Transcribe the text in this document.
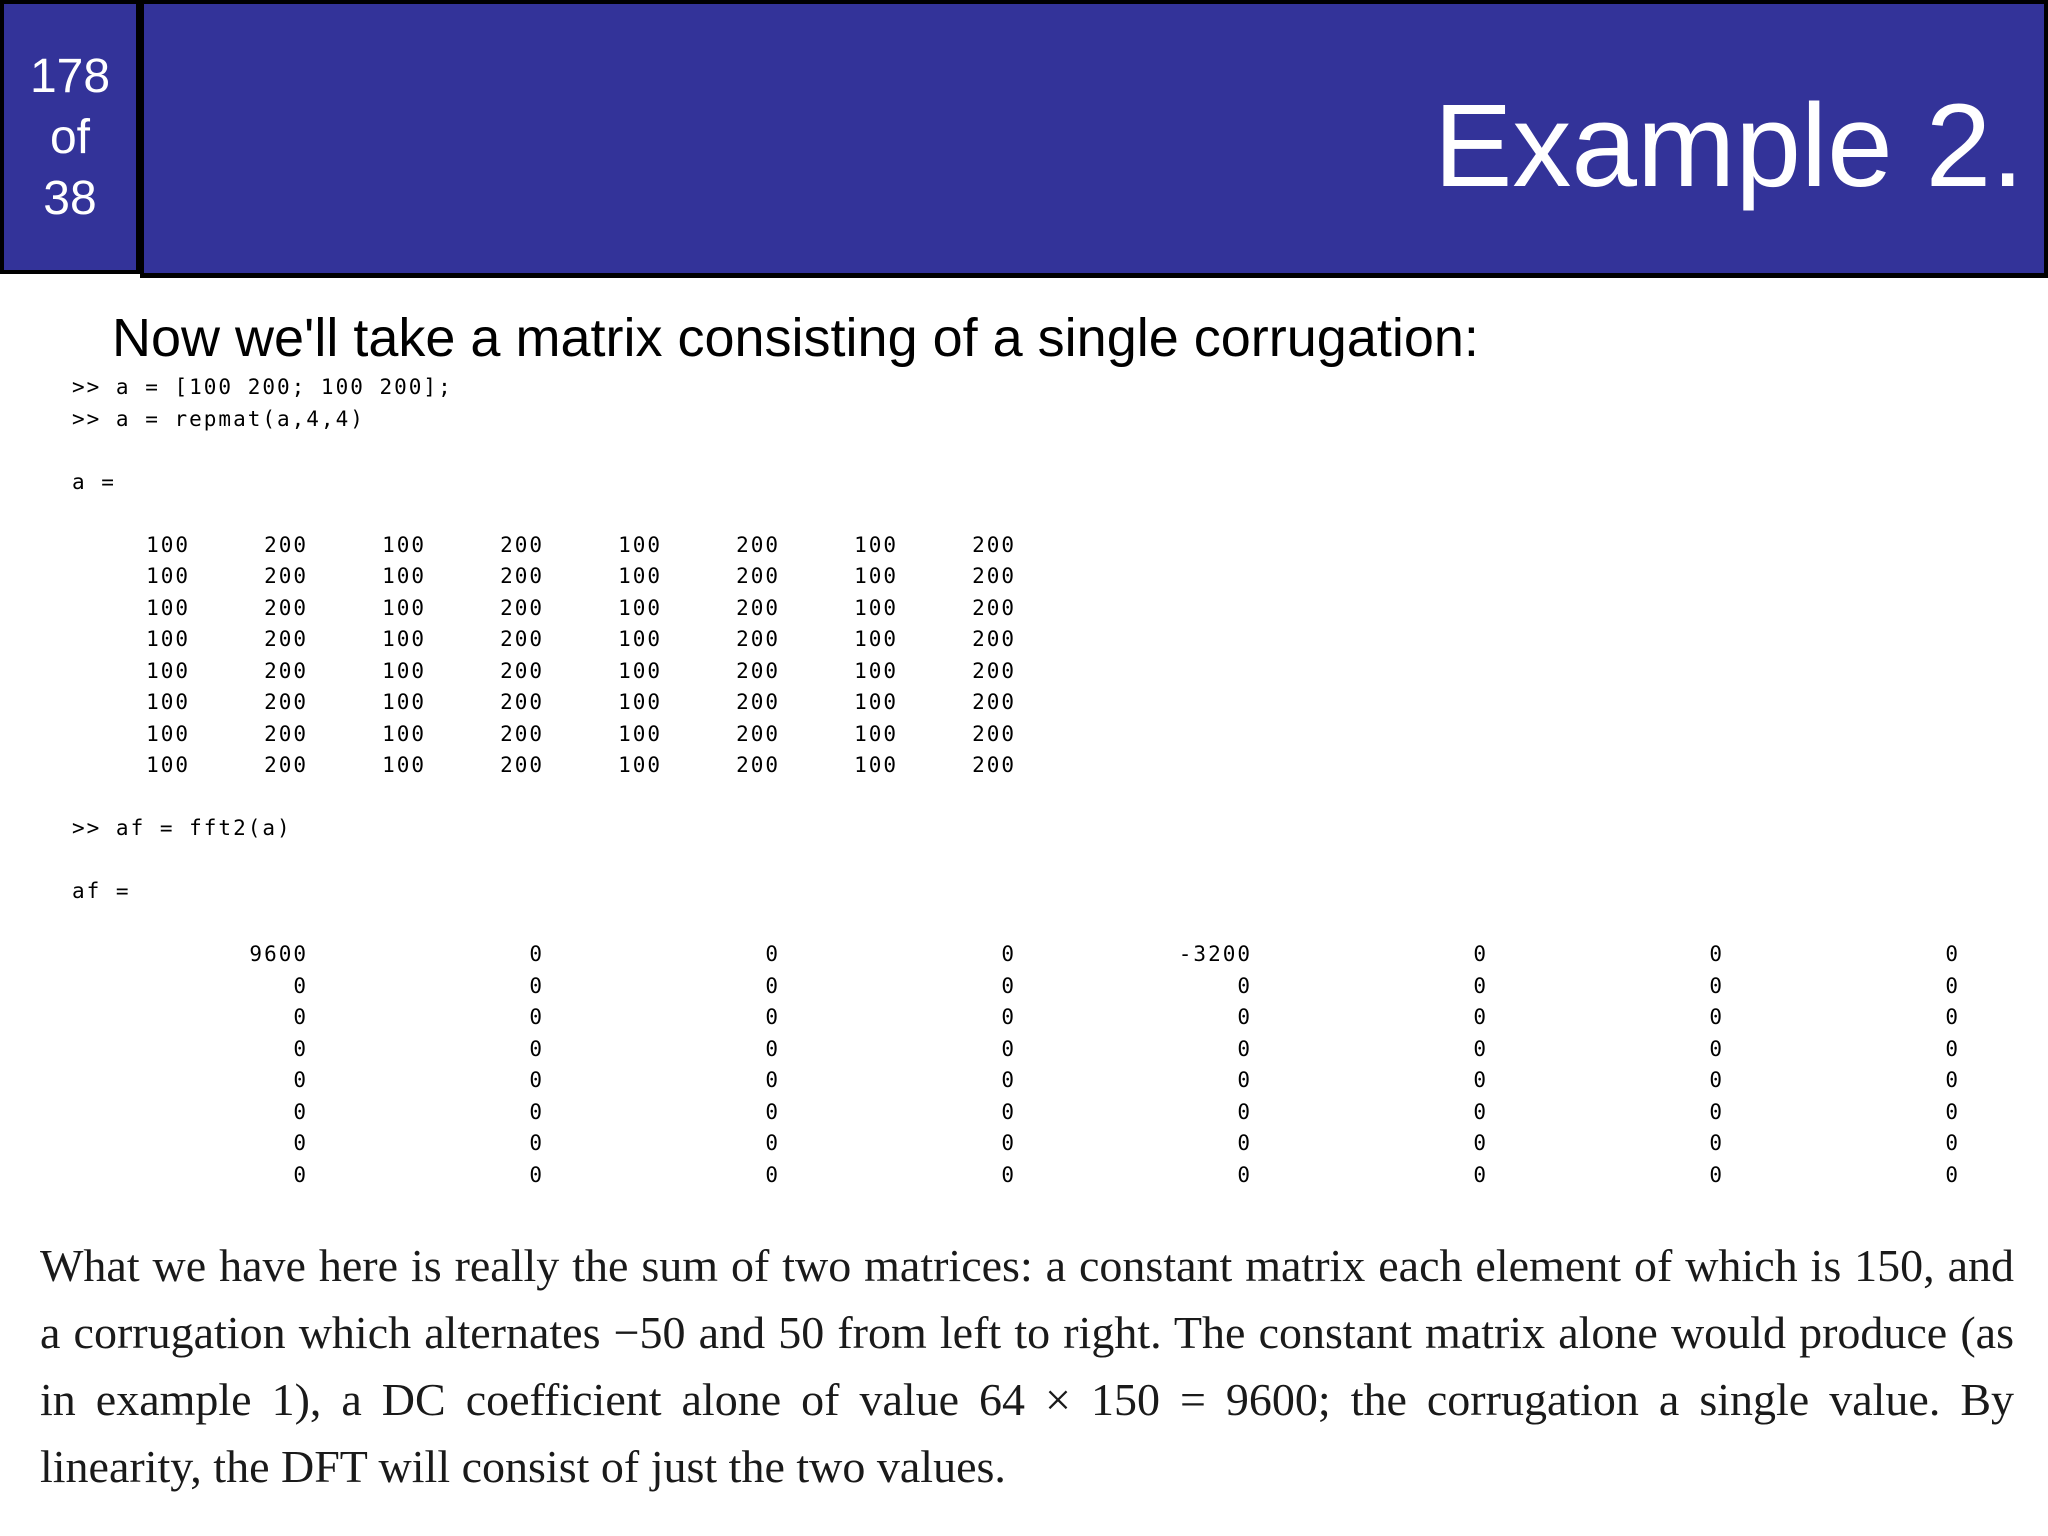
178
of
38	Example 2.
Now we'll take a matrix consisting of a single corrugation:
>> a = [100 200; 100 200];
>> a = repmat(a,4,4)
a =
100	200	100	200	100	200	100	200
100	200	100	200	100	200	100	200
100	200	100	200	100	200	100	200
100	200	100	200	100	200	100	200
100	200	100	200	100	200	100	200
100	200	100	200	100	200	100	200
100	200	100	200	100	200	100	200
100	200	100	200	100	200	100	200
>> af = fft2(a)
af =
9600	0	0	0	-3200	0	0	0
0	0	0	0	0	0	0	0
0	0	0	0	0	0	0	0
0	0	0	0	0	0	0	0
0	0	0	0	0	0	0	0
0	0	0	0	0	0	0	0
0	0	0	0	0	0	0	0
0	0	0	0	0	0	0	0

What we have here is really the sum of two matrices: a constant matrix each element of which is 150, and a corrugation which alternates −50 and 50 from left to right. The constant matrix alone would produce (as in example 1), a DC coefficient alone of value 64 × 150 = 9600; the corrugation a single value. By linearity, the DFT will consist of just the two values.
